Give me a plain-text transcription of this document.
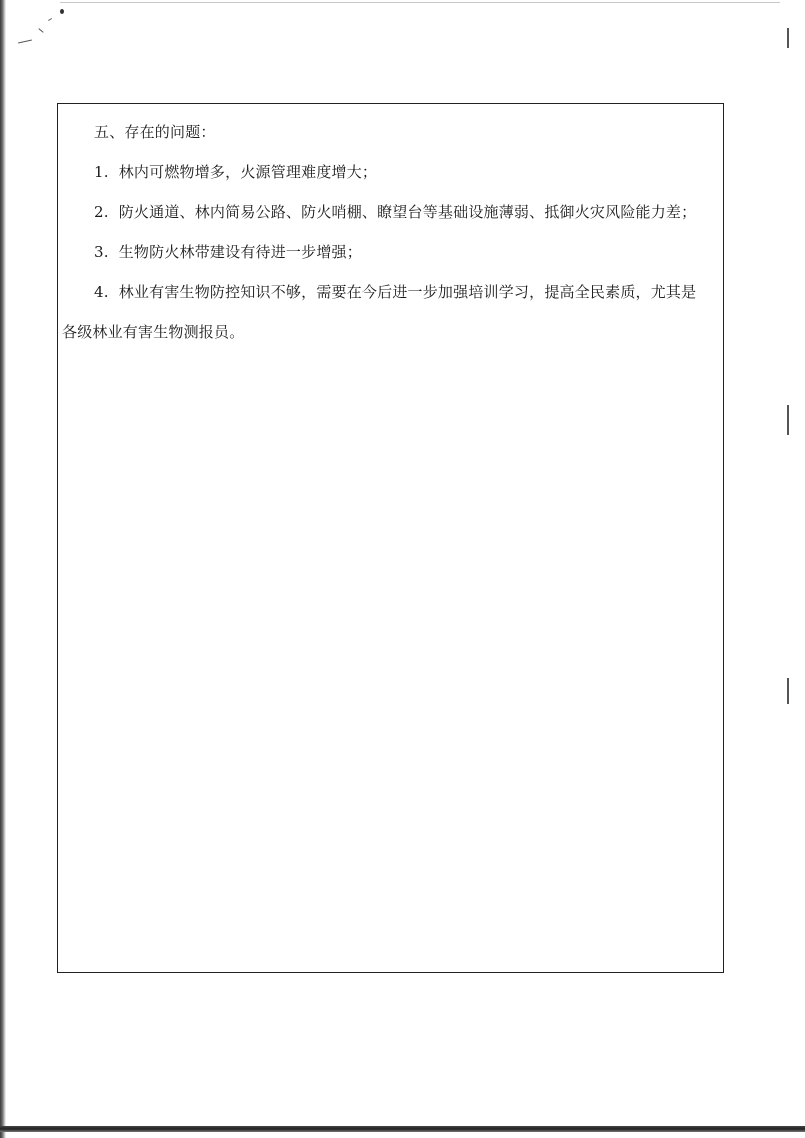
五、存在的问题：

1. 林内可燃物增多，火源管理难度增大；

2. 防火通道、林内简易公路、防火哨棚、瞭望台等基础设施薄弱、抵御火灾风险能力差；

3. 生物防火林带建设有待进一步增强；

4. 林业有害生物防控知识不够，需要在今后进一步加强培训学习，提高全民素质，尤其是

各级林业有害生物测报员。
